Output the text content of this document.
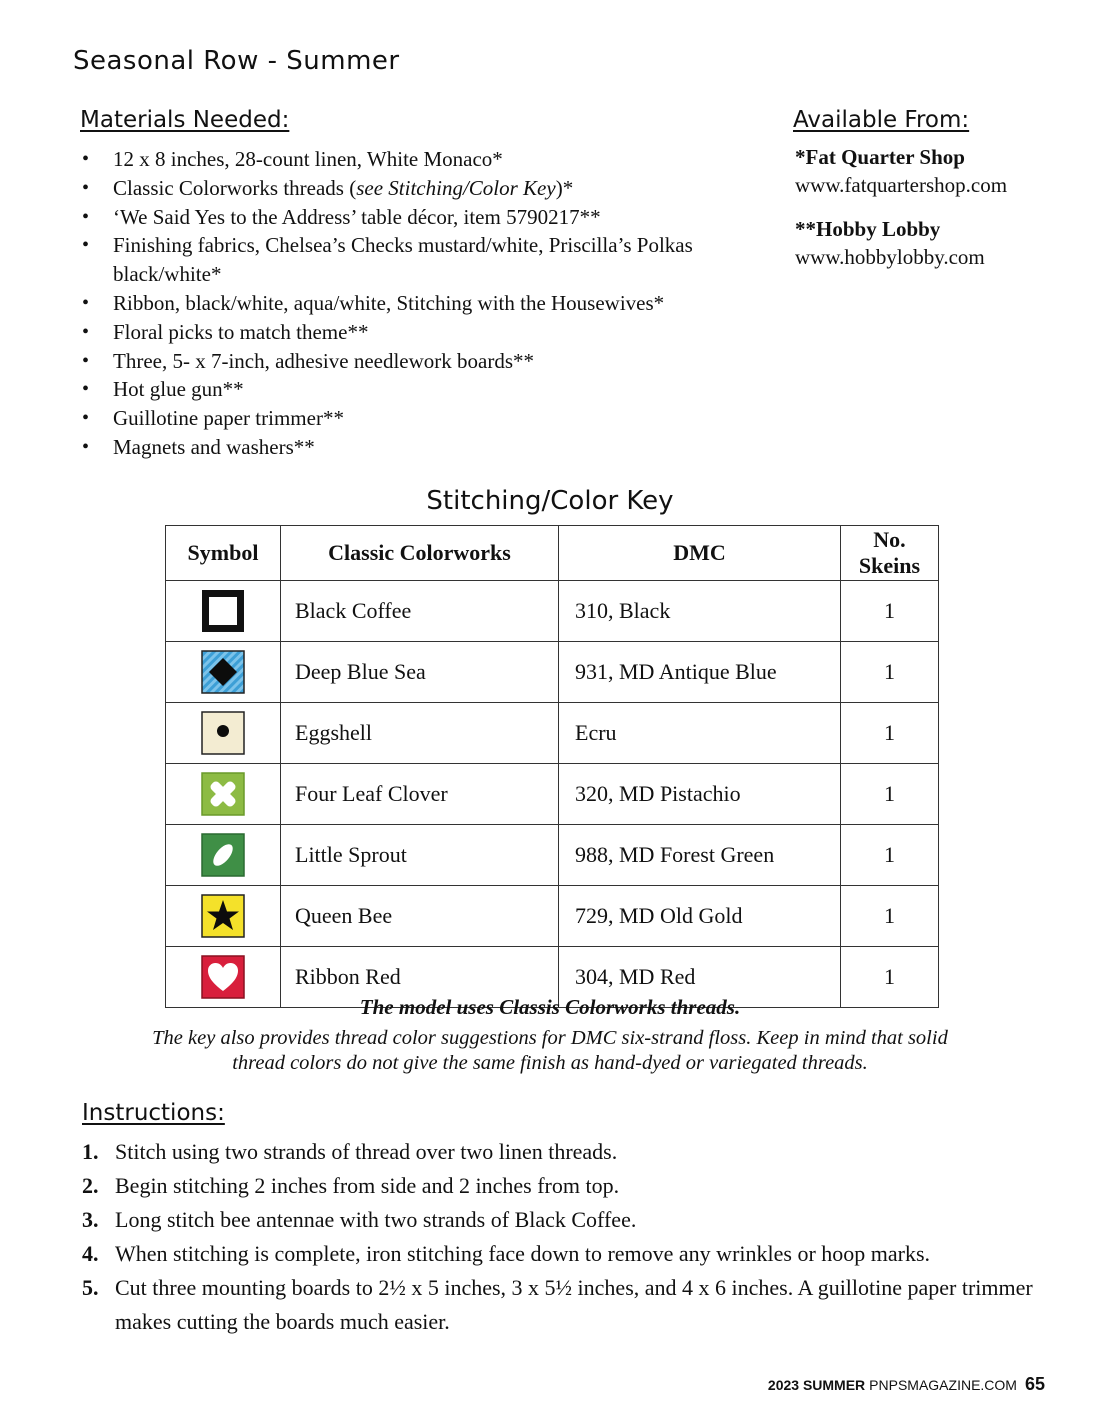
Seasonal Row - Summer
Materials Needed:
• 12 x 8 inches, 28-count linen, White Monaco*
• Classic Colorworks threads (see Stitching/Color Key)*
• ‘We Said Yes to the Address’ table décor, item 5790217**
• Finishing fabrics, Chelsea’s Checks mustard/white, Priscilla’s Polkas black/white*
• Ribbon, black/white, aqua/white, Stitching with the Housewives*
• Floral picks to match theme**
• Three, 5- x 7-inch, adhesive needlework boards**
• Hot glue gun**
• Guillotine paper trimmer**
• Magnets and washers**
Available From:
*Fat Quarter Shop
www.fatquartershop.com
**Hobby Lobby
www.hobbylobby.com
Stitching/Color Key
Symbol	Classic Colorworks	DMC	No. Skeins
	Black Coffee	310, Black	1
	Deep Blue Sea	931, MD Antique Blue	1
	Eggshell	Ecru	1
	Four Leaf Clover	320, MD Pistachio	1
	Little Sprout	988, MD Forest Green	1
	Queen Bee	729, MD Old Gold	1
	Ribbon Red	304, MD Red	1
The model uses Classis Colorworks threads.
The key also provides thread color suggestions for DMC six-strand floss. Keep in mind that solid thread colors do not give the same finish as hand-dyed or variegated threads.
Instructions:
1. Stitch using two strands of thread over two linen threads.
2. Begin stitching 2 inches from side and 2 inches from top.
3. Long stitch bee antennae with two strands of Black Coffee.
4. When stitching is complete, iron stitching face down to remove any wrinkles or hoop marks.
5. Cut three mounting boards to 2½ x 5 inches, 3 x 5½ inches, and 4 x 6 inches. A guillotine paper trimmer makes cutting the boards much easier.
2023 SUMMER PNPSMAGAZINE.COM 65
